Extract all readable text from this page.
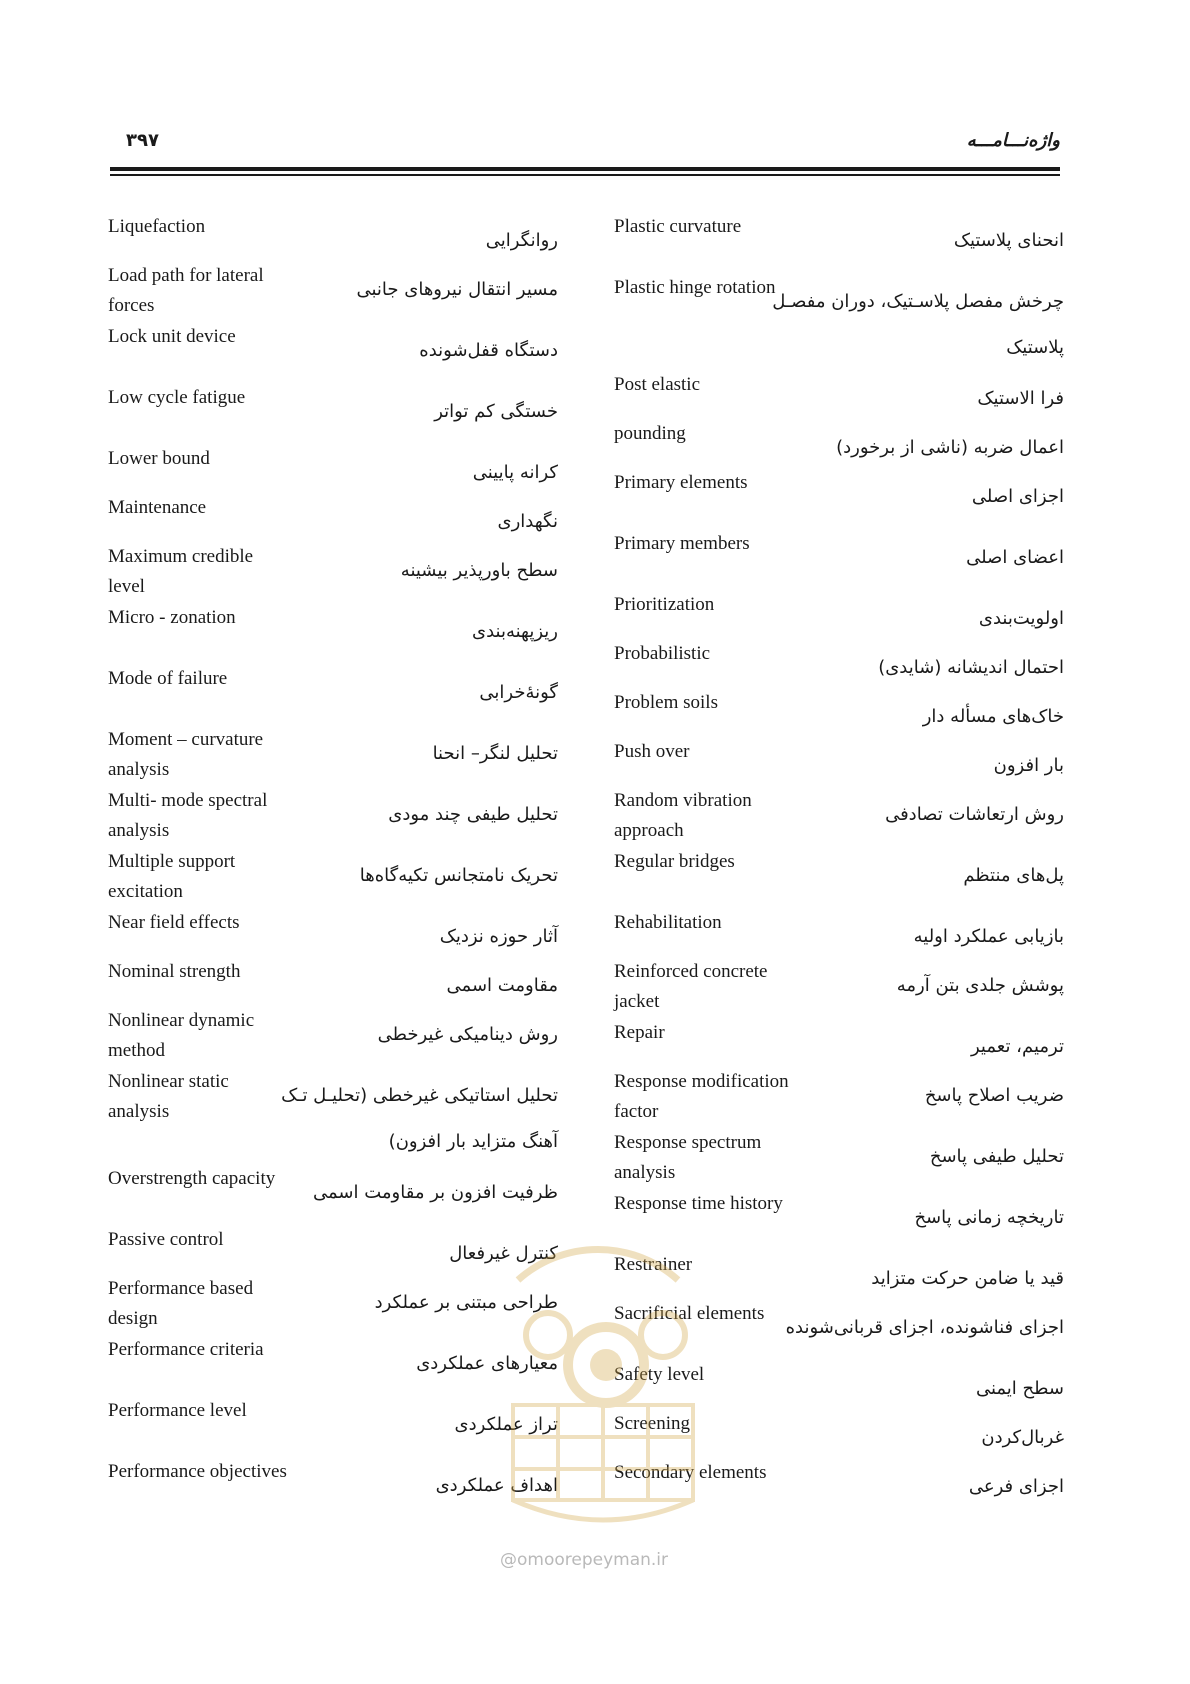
۳۹۷	واژه‌نـــامـــه
Liquefaction
روانگرایی
Load path for lateral forces
مسیر انتقال نیروهای جانبی
Lock unit device
دستگاه قفل‌شونده
Low cycle fatigue
خستگی کم تواتر
Lower bound
کرانه پایینی
Maintenance
نگهداری
Maximum credible level
سطح باورپذیر بیشینه
Micro - zonation
ریزپهنه‌بندی
Mode of failure
گونهٔ‌خرابی
Moment – curvature analysis
تحلیل لنگر– انحنا
Multi- mode spectral analysis
تحلیل طیفی چند مودی
Multiple support excitation
تحریک نامتجانس تکیه‌گاه‌ها
Near field effects
آثار حوزه نزدیک
Nominal strength
مقاومت اسمی
Nonlinear dynamic method
روش دینامیکی غیرخطی
Nonlinear static analysis
تحلیل استاتیکی غیرخطی (تحلیـل تـک آهنگ متزاید بار افزون)
Overstrength capacity
ظرفیت افزون بر مقاومت اسمی
Passive control
کنترل غیرفعال
Performance based design
طراحی مبتنی بر عملکرد
Performance criteria
معیارهای عملکردی
Performance level
تراز عملکردی
Performance objectives
اهداف عملکردی
Plastic curvature
انحنای پلاستیک
Plastic hinge rotation
چرخش مفصل پلاسـتیک، دوران مفصـل پلاستیک
Post elastic
فرا الاستیک
pounding
اعمال ضربه (ناشی از برخورد)
Primary elements
اجزای اصلی
Primary members
اعضای اصلی
Prioritization
اولویت‌بندی
Probabilistic
احتمال اندیشانه (شایدی)
Problem soils
خاک‌های مسأله دار
Push over
بار افزون
Random vibration approach
روش ارتعاشات تصادفی
Regular bridges
پل‌های منتظم
Rehabilitation
بازیابی عملکرد اولیه
Reinforced concrete jacket
پوشش جلدی بتن آرمه
Repair
ترمیم، تعمیر
Response modification factor
ضریب اصلاح پاسخ
Response spectrum analysis
تحلیل طیفی پاسخ
Response time history
تاریخچه زمانی پاسخ
Restrainer
قید یا ضامن حرکت متزاید
Sacrificial elements
اجزای فناشونده، اجزای قربانی‌شونده
Safety level
سطح ایمنی
Screening
غربال‌کردن
Secondary elements
اجزای فرعی
@omoorepeyman.ir
